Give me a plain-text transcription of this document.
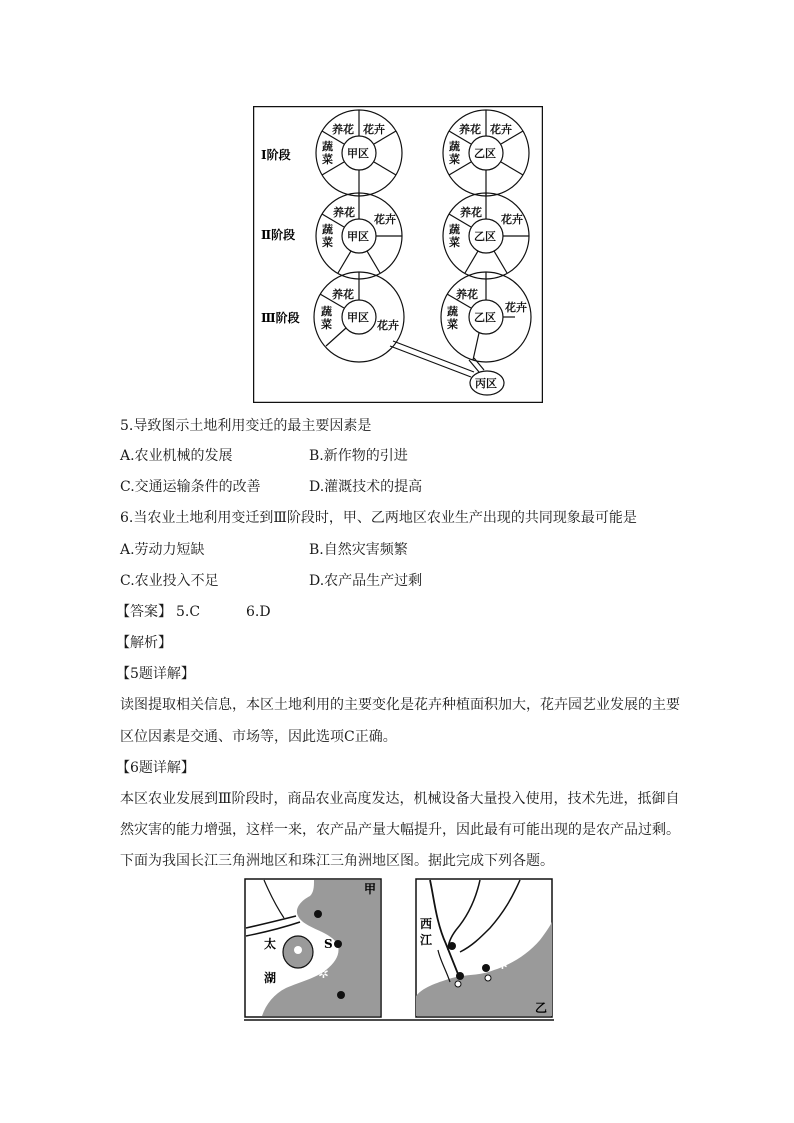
Ⅰ阶段
Ⅱ阶段
Ⅲ阶段
养花 花卉
蔬
菜 甲区
养花 花卉
蔬
菜 乙区
养花
花卉
蔬
菜 甲区
养花
花卉
蔬
菜 乙区
养花
花卉
蔬
菜
甲区
养花
花卉
蔬
菜
乙区
丙区
5.导致图示土地利用变迁的最主要因素是
A.农业机械的发展	B.新作物的引进
C.交通运输条件的改善	D.灌溉技术的提高
6.当农业土地利用变迁到Ⅲ阶段时，甲、乙两地区农业生产出现的共同现象最可能是
A.劳动力短缺	B.自然灾害频繁
C.农业投入不足	D.农产品生产过剩
【答案】 5.C	6.D
【解析】
【5题详解】
读图提取相关信息，本区土地利用的主要变化是花卉种植面积加大，花卉园艺业发展的主要
区位因素是交通、市场等，因此选项C正确。
【6题详解】
本区农业发展到Ⅲ阶段时，商品农业高度发达，机械设备大量投入使用，技术先进，抵御自
然灾害的能力增强，这样一来，农产品产量大幅提升，因此最有可能出现的是农产品过剩。
下面为我国长江三角洲地区和珠江三角洲地区图。据此完成下列各题。
✲
甲
太
湖
S
✲
西
江
乙
